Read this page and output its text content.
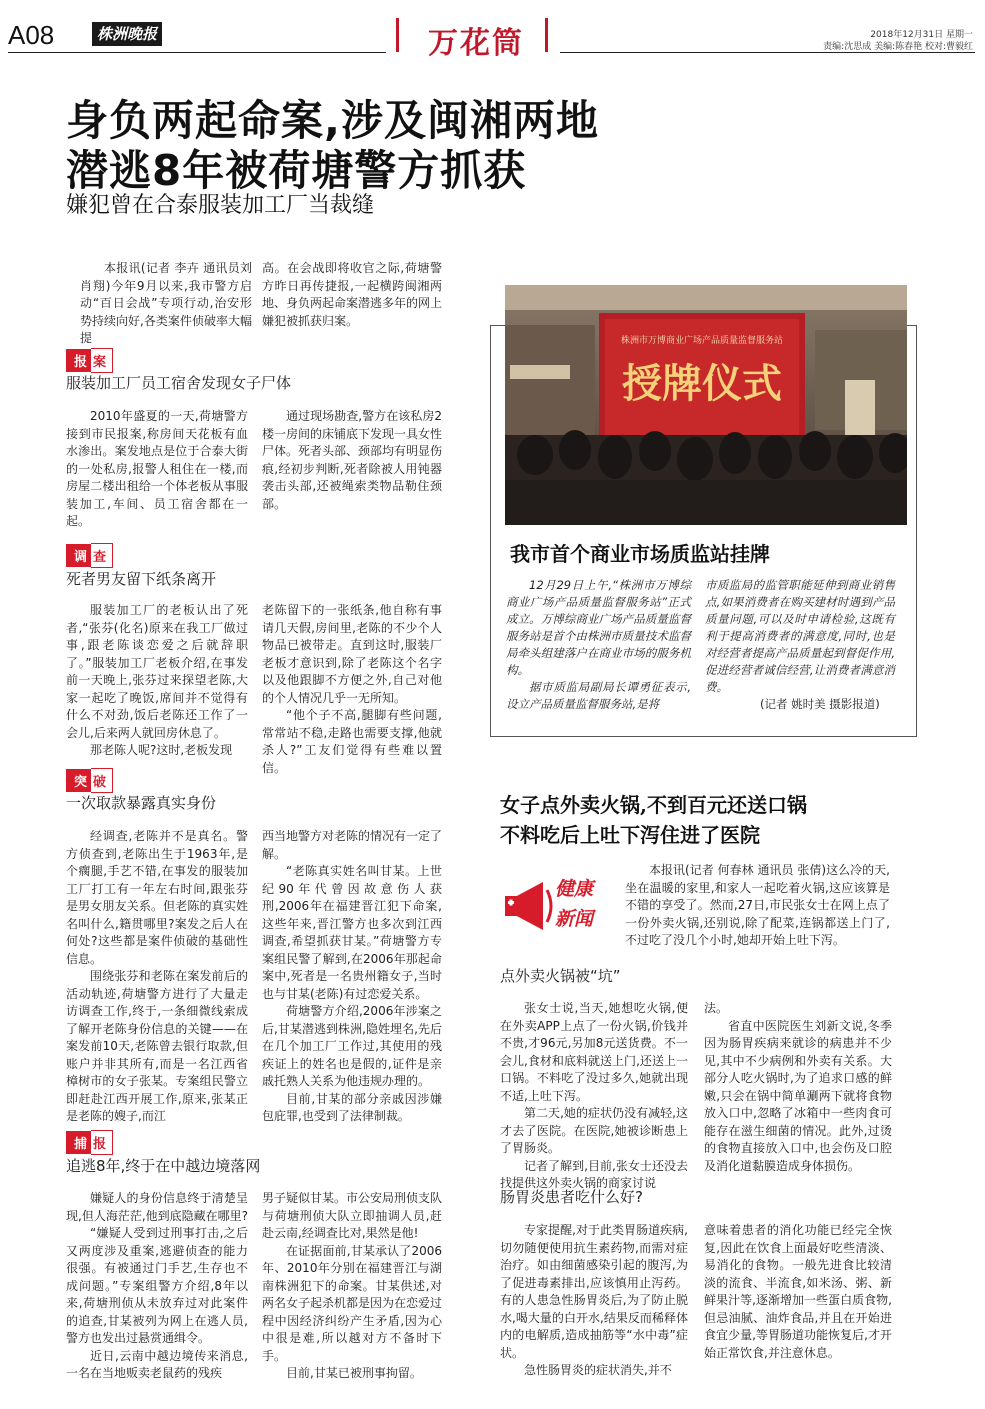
A08	株洲晚报	万花筒	2018年12月31日 星期一
责编:沈思成 美编:陈春艳 校对:曹毅红
身负两起命案,涉及闽湘两地
潜逃8年被荷塘警方抓获
嫌犯曾在合泰服装加工厂当裁缝

本报讯(记者 李卉 通讯员刘肖翔)今年9月以来,我市警方启动“百日会战”专项行动,治安形势持续向好,各类案件侦破率大幅提

高。在会战即将收官之际,荷塘警方昨日再传捷报,一起横跨闽湘两地、身负两起命案潜逃多年的网上嫌犯被抓获归案。

报 案
服装加工厂员工宿舍发现女子尸体

2010年盛夏的一天,荷塘警方接到市民报案,称房间天花板有血水渗出。案发地点是位于合泰大街的一处私房,报警人租住在一楼,而房屋二楼出租给一个体老板从事服装加工,车间、员工宿舍都在一起。

通过现场勘查,警方在该私房2楼一房间的床铺底下发现一具女性尸体。死者头部、颈部均有明显伤痕,经初步判断,死者除被人用钝器袭击头部,还被绳索类物品勒住颈部。

调 查
死者男友留下纸条离开

服装加工厂的老板认出了死者,“张芬(化名)原来在我工厂做过事,跟老陈谈恋爱之后就辞职了。”服装加工厂老板介绍,在事发前一天晚上,张芬过来探望老陈,大家一起吃了晚饭,席间并不觉得有什么不对劲,饭后老陈还工作了一会儿,后来两人就回房休息了。

那老陈人呢?这时,老板发现

老陈留下的一张纸条,他自称有事请几天假,房间里,老陈的不少个人物品已被带走。直到这时,服装厂老板才意识到,除了老陈这个名字以及他跟脚不方便之外,自己对他的个人情况几乎一无所知。

“他个子不高,腿脚有些问题,常常站不稳,走路也需要支撑,他就杀人?”工友们觉得有些难以置信。

突 破
一次取款暴露真实身份

经调查,老陈并不是真名。警方侦查到,老陈出生于1963年,是个瘸腿,手艺不错,在事发的服装加工厂打工有一年左右时间,跟张芬是男女朋友关系。但老陈的真实姓名叫什么,籍贯哪里?案发之后人在何处?这些都是案件侦破的基础性信息。

围绕张芬和老陈在案发前后的活动轨迹,荷塘警方进行了大量走访调查工作,终于,一条细微线索成了解开老陈身份信息的关键——在案发前10天,老陈曾去银行取款,但账户并非其所有,而是一名江西省樟树市的女子张某。专案组民警立即赶赴江西开展工作,原来,张某正是老陈的嫂子,而江

西当地警方对老陈的情况有一定了解。

“老陈真实姓名叫甘某。上世纪90年代曾因故意伤人获刑,2006年在福建晋江犯下命案,这些年来,晋江警方也多次到江西调查,希望抓获甘某。”荷塘警方专案组民警了解到,在2006年那起命案中,死者是一名贵州籍女子,当时也与甘某(老陈)有过恋爱关系。

荷塘警方介绍,2006年涉案之后,甘某潜逃到株洲,隐姓埋名,先后在几个加工厂工作过,其使用的残疾证上的姓名也是假的,证件是亲戚托熟人关系为他违规办理的。

目前,甘某的部分亲戚因涉嫌包庇罪,也受到了法律制裁。

捕 报
追逃8年,终于在中越边境落网

嫌疑人的身份信息终于清楚呈现,但人海茫茫,他到底隐藏在哪里?

“嫌疑人受到过刑事打击,之后又两度涉及重案,逃避侦查的能力很强。有被通过门手艺,生存也不成问题。”专案组警方介绍,8年以来,荷塘刑侦从未放弃过对此案件的追查,甘某被列为网上在逃人员,警方也发出过悬赏通缉令。

近日,云南中越边境传来消息,一名在当地贩卖老鼠药的残疾

男子疑似甘某。市公安局刑侦支队与荷塘刑侦大队立即抽调人员,赶赴云南,经调查比对,果然是他!

在证据面前,甘某承认了2006年、2010年分别在福建晋江与湖南株洲犯下的命案。甘某供述,对两名女子起杀机都是因为在恋爱过程中因经济纠纷产生矛盾,因为心中很是难,所以越对方不备时下手。

目前,甘某已被刑事拘留。

株洲市万博商业广场产品质量监督服务站
授牌仪式
我市首个商业市场质监站挂牌

12月29日上午,“株洲市万博综商业广场产品质量监督服务站”正式成立。万博综商业广场产品质量监督服务站是首个由株洲市质量技术监督局牵头组建落户在商业市场的服务机构。

据市质监局副局长谭勇征表示,设立产品质量监督服务站,是将

市质监局的监管职能延伸到商业销售点,如果消费者在购买建材时遇到产品质量问题,可以及时申请检验,这既有利于提高消费者的满意度,同时,也是对经营者提高产品质量起到督促作用,促进经营者诚信经营,让消费者满意消费。

(记者 姚时美 摄影报道)
女子点外卖火锅,不到百元还送口锅
不料吃后上吐下泻住进了医院
健康
新闻

本报讯(记者 何春林 通讯员 张倩)这么冷的天,坐在温暖的家里,和家人一起吃着火锅,这应该算是不错的享受了。然而,27日,市民张女士在网上点了一份外卖火锅,还别说,除了配菜,连锅都送上门了,不过吃了没几个小时,她却开始上吐下泻。

点外卖火锅被“坑”

张女士说,当天,她想吃火锅,便在外卖APP上点了一份火锅,价钱并不贵,才96元,另加8元送货费。不一会儿,食材和底料就送上门,还送上一口锅。不料吃了没过多久,她就出现不适,上吐下泻。

第二天,她的症状仍没有减轻,这才去了医院。在医院,她被诊断患上了胃肠炎。

记者了解到,目前,张女士还没去找提供这外卖火锅的商家讨说

法。

省直中医院医生刘新文说,冬季因为肠胃疾病来就诊的病患并不少见,其中不少病例和外卖有关系。大部分人吃火锅时,为了追求口感的鲜嫩,只会在锅中简单涮两下就将食物放入口中,忽略了冰箱中一些肉食可能存在滋生细菌的情况。此外,过烫的食物直接放入口中,也会伤及口腔及消化道黏膜造成身体损伤。

肠胃炎患者吃什么好?

专家提醒,对于此类胃肠道疾病,切勿随便使用抗生素药物,而需对症治疗。如由细菌感染引起的腹泻,为了促进毒素排出,应该慎用止泻药。有的人患急性肠胃炎后,为了防止脱水,喝大量的白开水,结果反而稀释体内的电解质,造成抽筋等“水中毒”症状。

急性肠胃炎的症状消失,并不

意味着患者的消化功能已经完全恢复,因此在饮食上面最好吃些清淡、易消化的食物。一般先进食比较清淡的流食、半流食,如米汤、粥、新鲜果汁等,逐渐增加一些蛋白质食物,但忌油腻、油炸食品,并且在开始进食宜少量,等胃肠道功能恢复后,才开始正常饮食,并注意休息。
